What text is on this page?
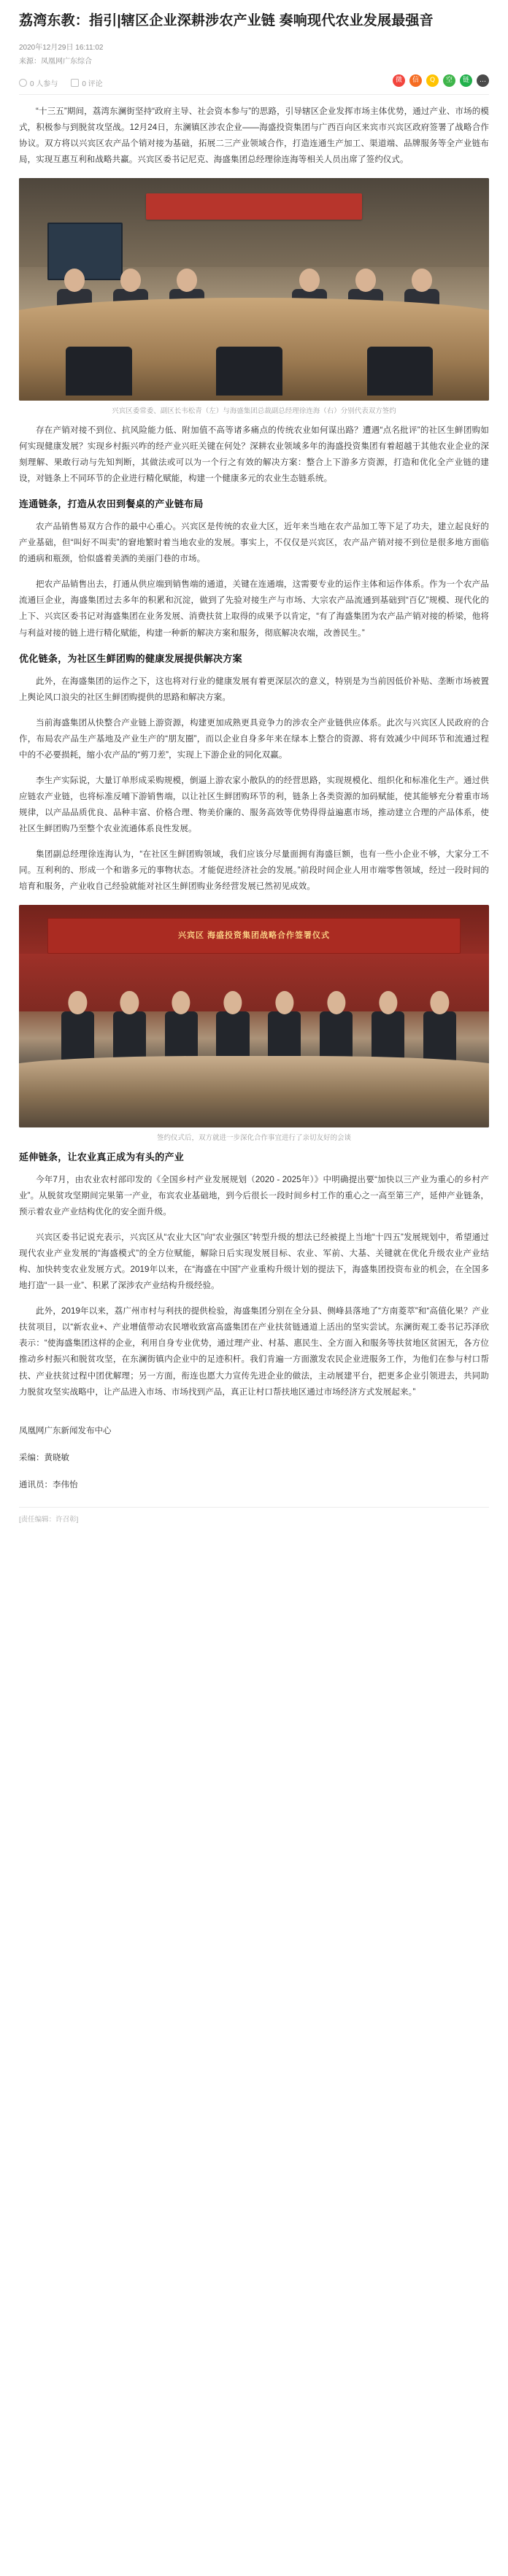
荔湾东教：指引|辖区企业深耕涉农产业链 奏响现代农业发展最强音
2020年12月29日 16:11:02
来源：凤凰网广东综合
0 人参与	0 评论	微	信	Q	空	链	…

“十三五”期间，荔湾东澜街坚持“政府主导、社会资本参与”的思路，引导辖区企业发挥市场主体优势，通过产业、市场的模式，积极参与到脱贫攻坚战。12月24日，东澜镇区涉农企业——海盛投资集团与广西百向区来宾市兴宾区政府签署了战略合作协议。双方将以兴宾区农产品个销对接为基础，拓展二三产业领域合作，打造连通生产加工、渠道端、品牌服务等全产业链布局，实现互惠互利和战略共赢。兴宾区委书记尼克、海盛集团总经理徐连海等相关人员出席了签约仪式。

兴宾区委常委、副区长韦松青（左）与海盛集团总裁副总经理徐连海（右）分别代表双方签约

存在产销对接不到位、抗风险能力低、附加值不高等诸多痛点的传统农业如何谋出路？遭遇“点名批评”的社区生鲜团购如何实现健康发展？实现乡村振兴咋的经产业兴旺关键在何处？深耕农业领域多年的海盛投资集团有着超越于其他农业企业的深刻理解、果敢行动与先知判断，其做法或可以为一个行之有效的解决方案：整合上下游多方资源，打造和优化全产业链的建设，对链条上不同环节的企业进行精化赋能，构建一个健康多元的农业生态链系统。

连通链条，打造从农田到餐桌的产业链布局

农产品销售易双方合作的最中心重心。兴宾区是传统的农业大区，近年来当地在农产品加工等下足了功夫，建立起良好的产业基础，但“叫好不叫卖”的窘地繁时着当地农业的发展。事实上，不仅仅是兴宾区，农产品产销对接不到位是很多地方面临的通病和瓶颈，恰似盛着美酒的美丽门巷的市场。

把农产品销售出去，打通从供应端到销售端的通道，关键在连通端，这需要专业的运作主体和运作体系。作为一个农产品流通巨企业，海盛集团过去多年的积累和沉淀，做到了先验对接生产与市场、大宗农产品流通到基础到“百亿”规模、现代化的上下、兴宾区委书记对海盛集团在业务发展、消费扶贫上取得的成果予以肯定，“有了海盛集团为农产品产销对接的桥梁，他将与利益对接的链上进行精化赋能，构建一种新的解决方案和服务，彻底解决农端，改善民生。”

优化链条，为社区生鲜团购的健康发展提供解决方案

此外，在海盛集团的运作之下，这也将对行业的健康发展有着更深层次的意义，特别是为当前因低价补贴、垄断市场被置上舆论风口浪尖的社区生鲜团购提供的思路和解决方案。

当前海盛集团从快整合产业链上游资源，构建更加成熟更具竞争力的涉农全产业链供应体系。此次与兴宾区人民政府的合作，布局农产品生产基地及产业生产的“朋友圈”，而以企业自身多年来在绿本上整合的资源、将有效减少中间环节和流通过程中的不必要损耗，缩小农产品的“剪刀差”，实现上下游企业的同化双赢。

李生产实际说，大量订单形成采购规模，倒逼上游农家小散队的的经营思路，实现规模化、组织化和标准化生产。通过供应链农产业链，也将标准反哺下游销售端，以让社区生鲜团购环节的利，链条上各类资源的加码赋能，使其能够充分着重市场规律，以产品品质优良、品种丰富、价格合理、物美价廉的、服务高效等优势得得益遍惠市场，推动建立合理的产品体系，使社区生鲜团购乃至整个农业流通体系良性发展。

集团副总经理徐连海认为，“在社区生鲜团购领域，我们应该分尽量面拥有海盛巨额，也有一些小企业不够，大家分工不同。互利利的、形成一个和谐多元的事物状态。才能促进经济社会的发展。”前段时间企业人用市端零售领域，经过一段时间的培育和服务，产业收自己经验就能对社区生鲜团购业务经营发展已然初见成效。

兴宾区 海盛投资集团战略合作签署仪式
签约仪式后，双方就进一步深化合作事宜进行了亲切友好的会谈
延伸链条，让农业真正成为有头的产业

今年7月，由农业农村部印发的《全国乡村产业发展规划（2020 - 2025年）》中明确提出要“加快以三产业为重心的乡村产业”。从脱贫攻坚期间完果第一产业，布宾农业基础地，到今后很长一段时间乡村工作的重心之一高至第三产，延伸产业链条，预示着农业产业结构优化的安全面升级。

兴宾区委书记说充表示，兴宾区从“农业大区”向“农业强区”转型升级的想法已经被提上当地“十四五”发展规划中，希望通过现代农业产业发展的“海盛模式”的全方位赋能，解除日后实现发展目标、农业、军前、大基、关键就在优化升级农业产业结构、加快转变农业发展方式。2019年以来，在“海盛在中国”产业重构升级计划的提法下，海盛集团投资布业的机会，在全国多地打造“一县一业”、积累了深涉农产业结构升级经验。

此外，2019年以来，荔广州市村与利扶的提供检验，海盛集团分别在全分县、侧峰县落地了“方南菱萃”和“高值化果？产业扶贫项目，以“新农业+、产业增值带动农民增收致富高盛集团在产业扶贫链通道上活出的坚实尝试。东澜街观工委书记苏泽欣表示：“使海盛集团这样的企业，利用自身专业优势，通过理产业、村基、惠民生、全方面入和服务等扶贫地区贫困无，各方位推动乡村振兴和脱贫攻坚，在东澜街镇内企业中的足迹积杆。我们肯遍一方面激发农民企业进服务工作，为他们在参与村口帮扶、产业扶贫过程中团优解理；另一方面，衔连也愿大力宣传先进企业的做法，主动展建平台，把更多企业引领进去，共同助力脱贫攻坚实战略中，让产品进入市场、市场找到产品，真正让村口帮扶地区通过市场经济方式发展起来。”

凤凰网广东新闻发布中心
采编：黄晓敏
通讯员：李伟怡
[责任编辑：许召彰]
